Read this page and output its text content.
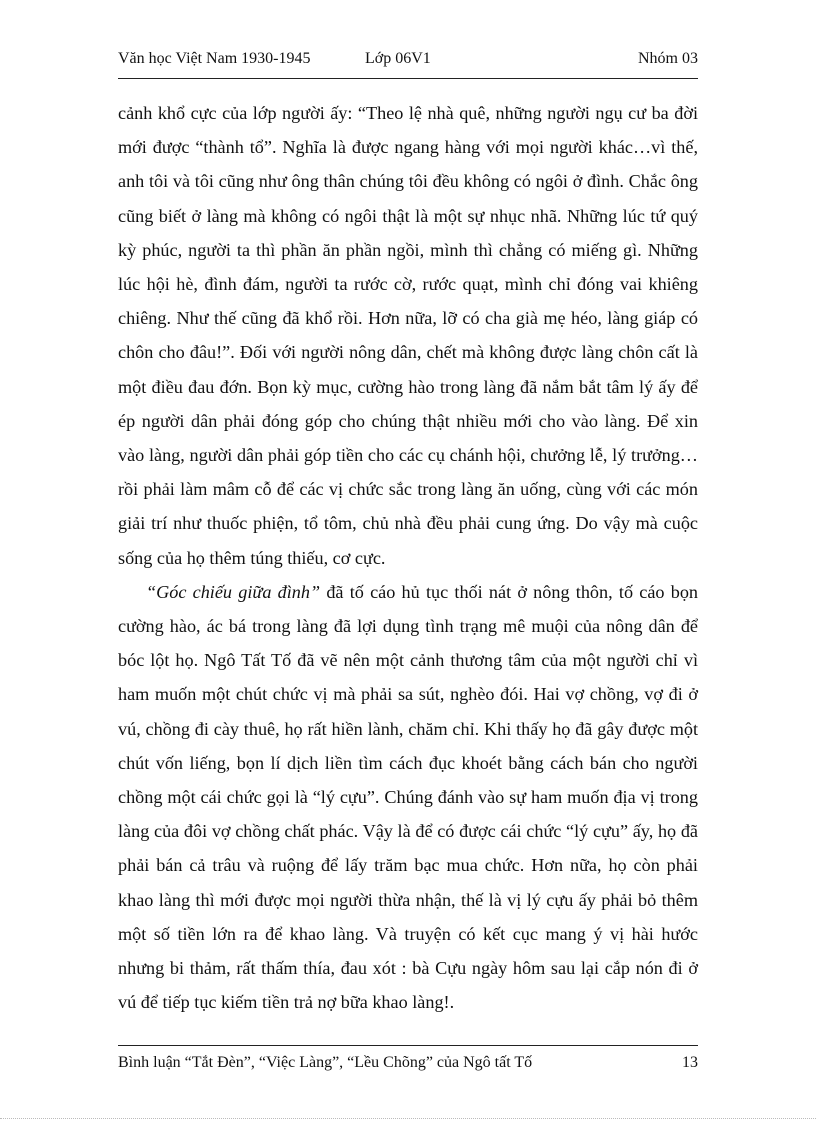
Văn học Việt Nam 1930-1945	Lớp 06V1	Nhóm 03

cảnh khổ cực của lớp người ấy: “Theo lệ nhà quê, những người ngụ cư ba đời mới được “thành tổ”. Nghĩa là được ngang hàng với mọi người khác…vì thế, anh tôi và tôi cũng như ông thân chúng tôi đều không có ngôi ở đình. Chắc ông cũng biết ở làng mà không có ngôi thật là một sự nhục nhã. Những lúc tứ quý kỳ phúc, người ta thì phần ăn phần ngồi, mình thì chẳng có miếng gì. Những lúc hội hè, đình đám, người ta rước cờ, rước quạt, mình chỉ đóng vai khiêng chiêng. Như thế cũng đã khổ rồi. Hơn nữa, lỡ có cha già mẹ héo, làng giáp có chôn cho đâu!”. Đối với người nông dân, chết mà không được làng chôn cất là một điều đau đớn. Bọn kỳ mục, cường hào trong làng đã nắm bắt tâm lý ấy để ép người dân phải đóng góp cho chúng thật nhiều mới cho vào làng. Để xin vào làng, người dân phải góp tiền cho các cụ chánh hội, chưởng lễ, lý trưởng…rồi phải làm mâm cỗ để các vị chức sắc trong làng ăn uống, cùng với các món giải trí như thuốc phiện, tổ tôm, chủ nhà đều phải cung ứng. Do vậy mà cuộc sống của họ thêm túng thiếu, cơ cực.

“Góc chiếu giữa đình” đã tố cáo hủ tục thối nát ở nông thôn, tố cáo bọn cường hào, ác bá trong làng đã lợi dụng tình trạng mê muội của nông dân để bóc lột họ. Ngô Tất Tố đã vẽ nên một cảnh thương tâm của một người chỉ vì ham muốn một chút chức vị mà phải sa sút, nghèo đói. Hai vợ chồng, vợ đi ở vú, chồng đi cày thuê, họ rất hiền lành, chăm chỉ. Khi thấy họ đã gây được một chút vốn liếng, bọn lí dịch liền tìm cách đục khoét bằng cách bán cho người chồng một cái chức gọi là “lý cựu”. Chúng đánh vào sự ham muốn địa vị trong làng của đôi vợ chồng chất phác. Vậy là để có được cái chức “lý cựu” ấy, họ đã phải bán cả trâu và ruộng để lấy trăm bạc mua chức. Hơn nữa, họ còn phải khao làng thì mới được mọi người thừa nhận, thế là vị lý cựu ấy phải bỏ thêm một số tiền lớn ra để khao làng. Và truyện có kết cục mang ý vị hài hước nhưng bi thảm, rất thấm thía, đau xót : bà Cựu ngày hôm sau lại cắp nón đi ở vú để tiếp tục kiếm tiền trả nợ bữa khao làng!.

Bình luận “Tắt Đèn”, “Việc Làng”, “Lều Chõng” của Ngô tất Tố	13
